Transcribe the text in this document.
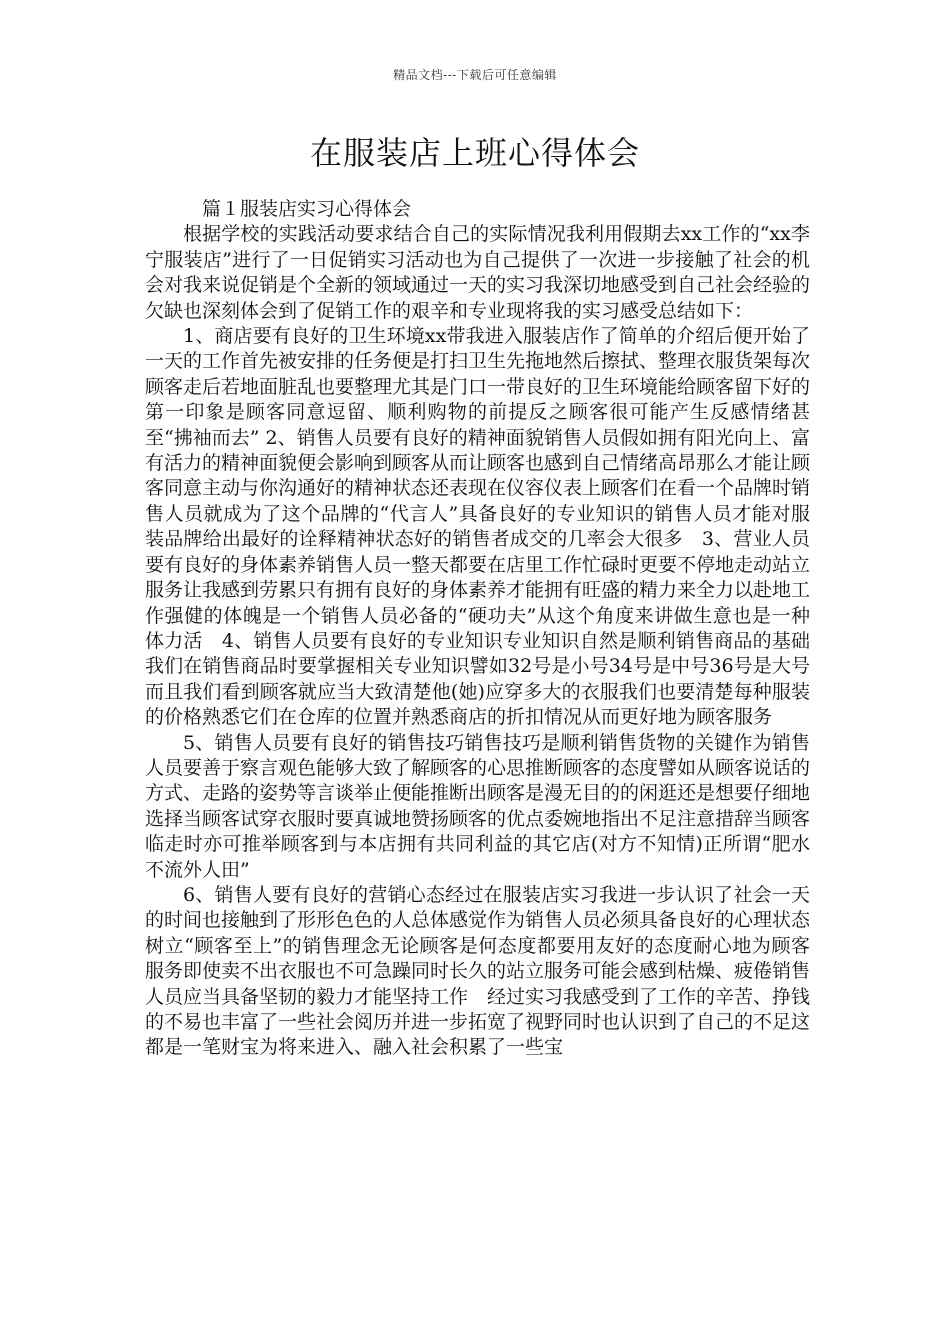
精品文档---下载后可任意编辑
在服装店上班心得体会

篇１服装店实习心得体会

根据学校的实践活动要求结合自己的实际情况我利用假期去xx工作的“xx李宁服装店”进行了一日促销实习活动也为自己提供了一次进一步接触了社会的机会对我来说促销是个全新的领域通过一天的实习我深切地感受到自己社会经验的欠缺也深刻体会到了促销工作的艰辛和专业现将我的实习感受总结如下：

1、商店要有良好的卫生环境xx带我进入服装店作了简单的介绍后便开始了一天的工作首先被安排的任务便是打扫卫生先拖地然后擦拭、整理衣服货架每次顾客走后若地面脏乱也要整理尤其是门口一带良好的卫生环境能给顾客留下好的第一印象是顾客同意逗留、顺利购物的前提反之顾客很可能产生反感情绪甚至“拂袖而去” 2、销售人员要有良好的精神面貌销售人员假如拥有阳光向上、富有活力的精神面貌便会影响到顾客从而让顾客也感到自己情绪高昂那么才能让顾客同意主动与你沟通好的精神状态还表现在仪容仪表上顾客们在看一个品牌时销售人员就成为了这个品牌的“代言人”具备良好的专业知识的销售人员才能对服装品牌给出最好的诠释精神状态好的销售者成交的几率会大很多　3、营业人员要有良好的身体素养销售人员一整天都要在店里工作忙碌时更要不停地走动站立服务让我感到劳累只有拥有良好的身体素养才能拥有旺盛的精力来全力以赴地工作强健的体魄是一个销售人员必备的“硬功夫”从这个角度来讲做生意也是一种体力活　4、销售人员要有良好的专业知识专业知识自然是顺利销售商品的基础我们在销售商品时要掌握相关专业知识譬如32号是小号34号是中号36号是大号而且我们看到顾客就应当大致清楚他(她)应穿多大的衣服我们也要清楚每种服装的价格熟悉它们在仓库的位置并熟悉商店的折扣情况从而更好地为顾客服务

5、销售人员要有良好的销售技巧销售技巧是顺利销售货物的关键作为销售人员要善于察言观色能够大致了解顾客的心思推断顾客的态度譬如从顾客说话的方式、走路的姿势等言谈举止便能推断出顾客是漫无目的的闲逛还是想要仔细地选择当顾客试穿衣服时要真诚地赞扬顾客的优点委婉地指出不足注意措辞当顾客临走时亦可推举顾客到与本店拥有共同利益的其它店(对方不知情)正所谓“肥水不流外人田”

6、销售人要有良好的营销心态经过在服装店实习我进一步认识了社会一天的时间也接触到了形形色色的人总体感觉作为销售人员必须具备良好的心理状态树立“顾客至上”的销售理念无论顾客是何态度都要用友好的态度耐心地为顾客服务即使卖不出衣服也不可急躁同时长久的站立服务可能会感到枯燥、疲倦销售人员应当具备坚韧的毅力才能坚持工作　经过实习我感受到了工作的辛苦、挣钱的不易也丰富了一些社会阅历并进一步拓宽了视野同时也认识到了自己的不足这都是一笔财宝为将来进入、融入社会积累了一些宝
